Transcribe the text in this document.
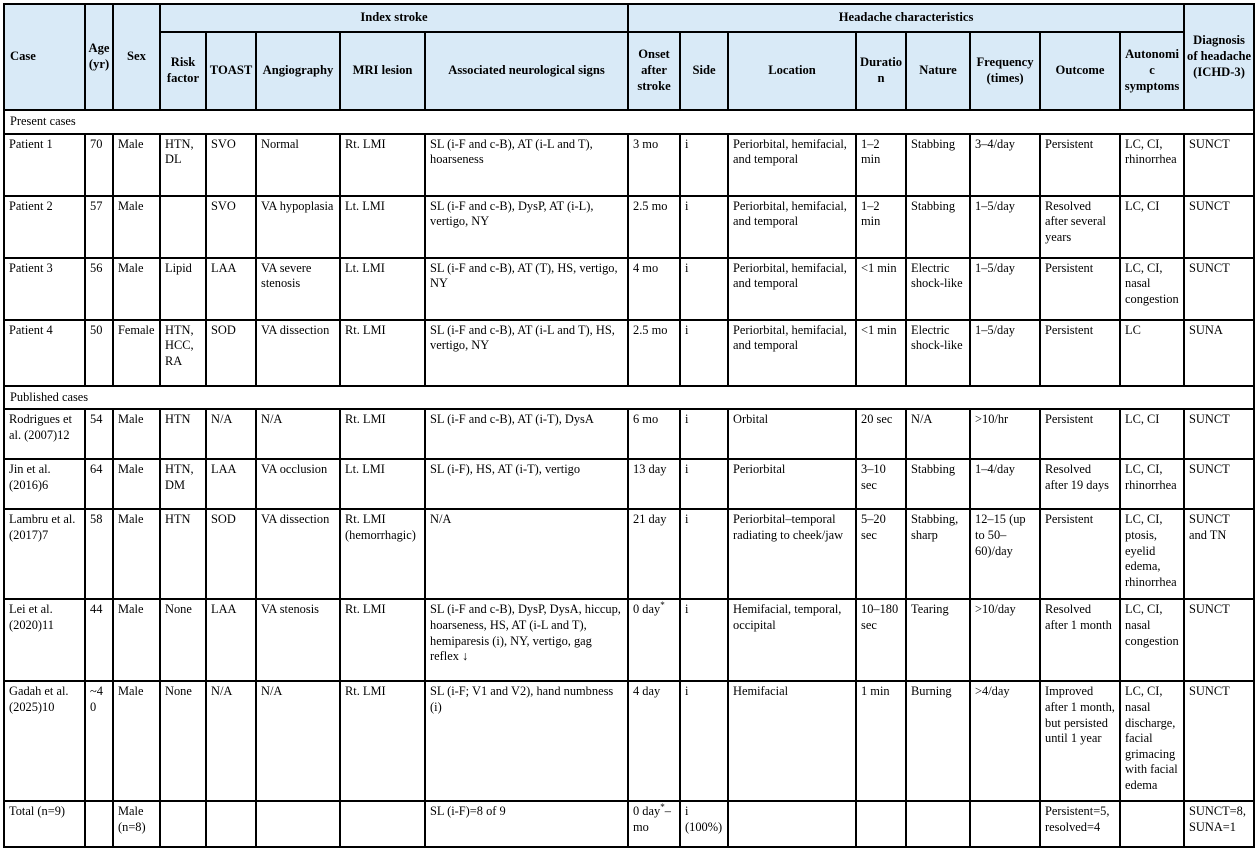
Case	Age (yr)	Sex	Index stroke					Headache characteristics								Diagnosis of headache (ICHD-3)
			Risk factor	TOAST	Angiography	MRI lesion	Associated neurological signs	Onset after stroke	Side	Location	Duration	Nature	Frequency (times)	Outcome	Autonomic symptoms	
Present cases																
Patient 1	70	Male	HTN, DL	SVO	Normal	Rt. LMI	SL (i-F and c-B), AT (i-L and T), hoarseness	3 mo	i	Periorbital, hemifacial, and temporal	1–2 min	Stabbing	3–4/day	Persistent	LC, CI, rhinorrhea	SUNCT
Patient 2	57	Male		SVO	VA hypoplasia	Lt. LMI	SL (i-F and c-B), DysP, AT (i-L), vertigo, NY	2.5 mo	i	Periorbital, hemifacial, and temporal	1–2 min	Stabbing	1–5/day	Resolved after several years	LC, CI	SUNCT
Patient 3	56	Male	Lipid	LAA	VA severe stenosis	Lt. LMI	SL (i-F and c-B), AT (T), HS, vertigo, NY	4 mo	i	Periorbital, hemifacial, and temporal	<1 min	Electric shock-like	1–5/day	Persistent	LC, CI, nasal congestion	SUNCT
Patient 4	50	Female	HTN, HCC, RA	SOD	VA dissection	Rt. LMI	SL (i-F and c-B), AT (i-L and T), HS, vertigo, NY	2.5 mo	i	Periorbital, hemifacial, and temporal	<1 min	Electric shock-like	1–5/day	Persistent	LC	SUNA
Published cases																
Rodrigues et al. (2007)12	54	Male	HTN	N/A	N/A	Rt. LMI	SL (i-F and c-B), AT (i-T), DysA	6 mo	i	Orbital	20 sec	N/A	>10/hr	Persistent	LC, CI	SUNCT
Jin et al. (2016)6	64	Male	HTN, DM	LAA	VA occlusion	Lt. LMI	SL (i-F), HS, AT (i-T), vertigo	13 day	i	Periorbital	3–10 sec	Stabbing	1–4/day	Resolved after 19 days	LC, CI, rhinorrhea	SUNCT
Lambru et al. (2017)7	58	Male	HTN	SOD	VA dissection	Rt. LMI (hemorrhagic)	N/A	21 day	i	Periorbital–temporal radiating to cheek/jaw	5–20 sec	Stabbing, sharp	12–15 (up to 50–60)/day	Persistent	LC, CI, ptosis, eyelid edema, rhinorrhea	SUNCT and TN
Lei et al. (2020)11	44	Male	None	LAA	VA stenosis	Rt. LMI	SL (i-F and c-B), DysP, DysA, hiccup, hoarseness, HS, AT (i-L and T), hemiparesis (i), NY, vertigo, gag reflex ↓	0 day*	i	Hemifacial, temporal, occipital	10–180 sec	Tearing	>10/day	Resolved after 1 month	LC, CI, nasal congestion	SUNCT
Gadah et al. (2025)10	~40	Male	None	N/A	N/A	Rt. LMI	SL (i-F; V1 and V2), hand numbness (i)	4 day	i	Hemifacial	1 min	Burning	>4/day	Improved after 1 month, but persisted until 1 year	LC, CI, nasal discharge, facial grimacing with facial edema	SUNCT
Total (n=9)		Male (n=8)					SL (i-F)=8 of 9	0 day*– mo	i (100%)					Persistent=5, resolved=4		SUNCT=8, SUNA=1
